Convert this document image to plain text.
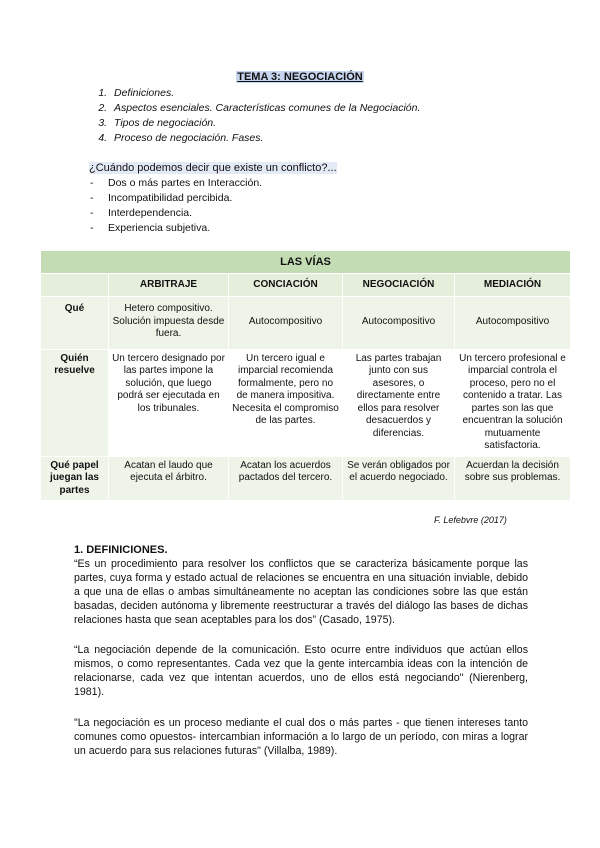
TEMA 3: NEGOCIACIÓN
1. Definiciones.
2. Aspectos esenciales. Características comunes de la Negociación.
3. Tipos de negociación.
4. Proceso de negociación. Fases.
¿Cuándo podemos decir que existe un conflicto?...
- Dos o más partes en Interacción.
- Incompatibilidad percibida.
- Interdependencia.
- Experiencia subjetiva.
LAS VÍAS				
	ARBITRAJE	CONCIACIÓN	NEGOCIACIÓN	MEDIACIÓN
Qué	Hetero compositivo. Solución impuesta desde fuera.	Autocompositivo	Autocompositivo	Autocompositivo
Quién resuelve	Un tercero designado por las partes impone la solución, que luego podrá ser ejecutada en los tribunales.	Un tercero igual e imparcial recomienda formalmente, pero no de manera impositiva. Necesita el compromiso de las partes.	Las partes trabajan junto con sus asesores, o directamente entre ellos para resolver desacuerdos y diferencias.	Un tercero profesional e imparcial controla el proceso, pero no el contenido a tratar. Las partes son las que encuentran la solución mutuamente satisfactoria.
Qué papel juegan las partes	Acatan el laudo que ejecuta el árbitro.	Acatan los acuerdos pactados del tercero.	Se verán obligados por el acuerdo negociado.	Acuerdan la decisión sobre sus problemas.
F. Lefebvre (2017)
1. DEFINICIONES.

“Es un procedimiento para resolver los conflictos que se caracteriza básicamente porque las partes, cuya forma y estado actual de relaciones se encuentra en una situación inviable, debido a que una de ellas o ambas simultáneamente no aceptan las condiciones sobre las que están basadas, deciden autónoma y libremente reestructurar a través del diálogo las bases de dichas relaciones hasta que sean aceptables para los dos” (Casado, 1975).

“La negociación depende de la comunicación. Esto ocurre entre individuos que actúan ellos mismos, o como representantes. Cada vez que la gente intercambia ideas con la intención de relacionarse, cada vez que intentan acuerdos, uno de ellos está negociando" (Nierenberg, 1981).

"La negociación es un proceso mediante el cual dos o más partes - que tienen intereses tanto comunes como opuestos- intercambian información a lo largo de un período, con miras a lograr un acuerdo para sus relaciones futuras" (Villalba, 1989).
